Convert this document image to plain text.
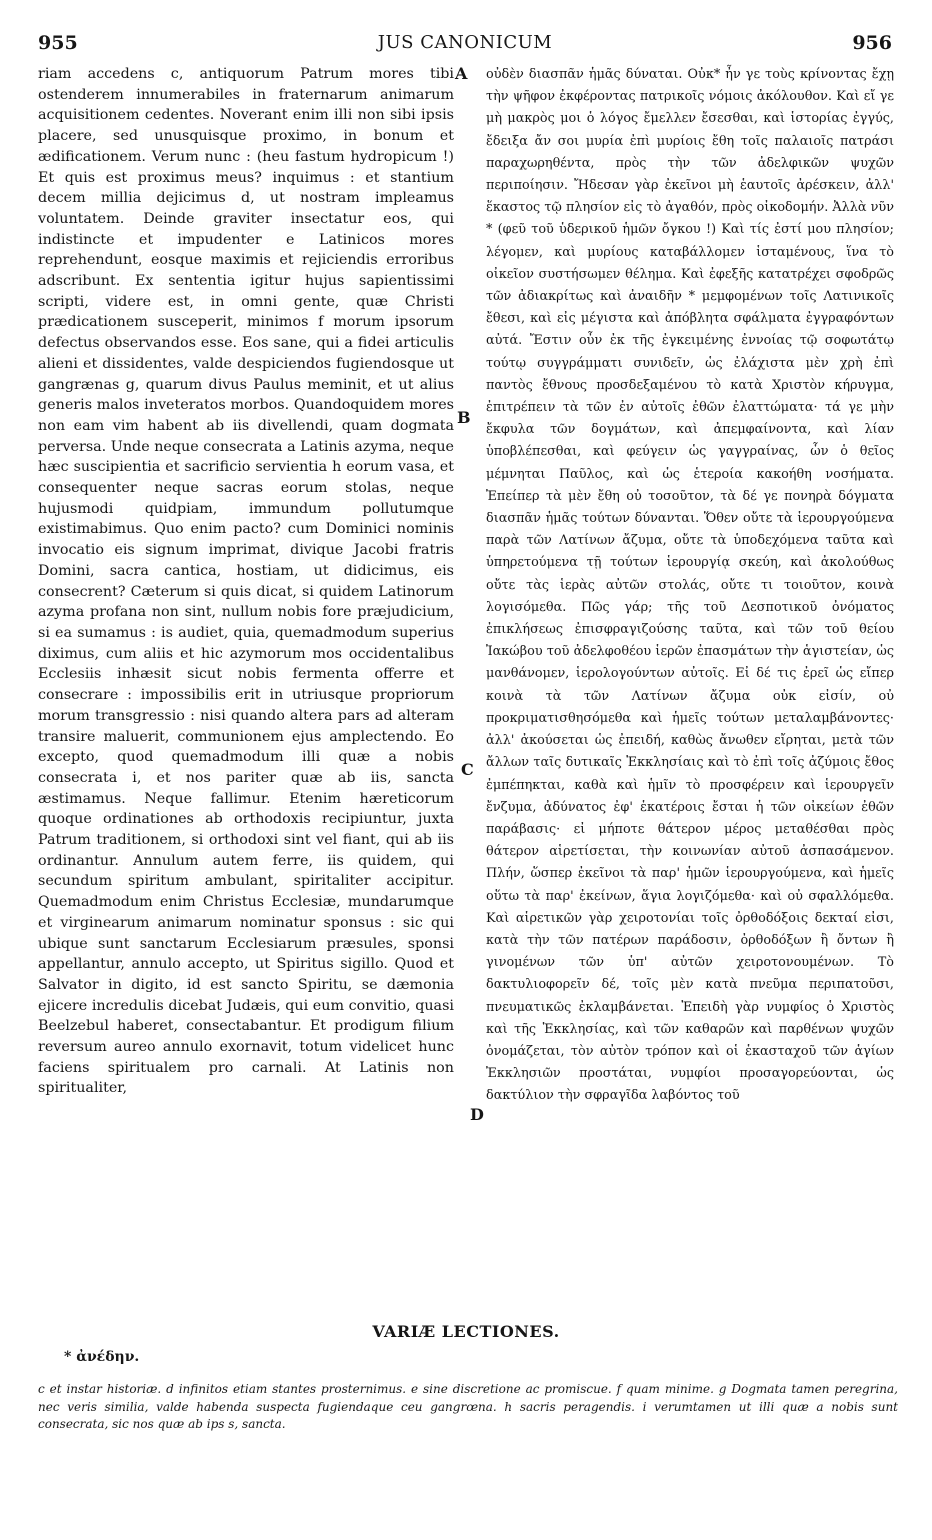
955	JUS CANONICUM	956

riam accedens c, antiquorum Patrum mores tibi ostenderem innumerabiles in fraternarum animarum acquisitionem cedentes. Noverant enim illi non sibi ipsis placere, sed unusquisque proximo, in bonum et ædificationem. Verum nunc : (heu fastum hydropicum !) Et quis est proximus meus? inquimus : et stantium decem millia dejicimus d, ut nostram impleamus voluntatem. Deinde graviter insectatur eos, qui indistincte et impudenter e Latinicos mores reprehendunt, eosque maximis et rejiciendis erroribus adscribunt. Ex sententia igitur hujus sapientissimi scripti, videre est, in omni gente, quæ Christi prædicationem susceperit, minimos f morum ipsorum defectus observandos esse. Eos sane, qui a fidei articulis alieni et dissidentes, valde despiciendos fugiendosque ut gangrænas g, quarum divus Paulus meminit, et ut alius generis malos inveteratos morbos. Quandoquidem mores non eam vim habent ab iis divellendi, quam dogmata perversa. Unde neque consecrata a Latinis azyma, neque hæc suscipientia et sacrificio servientia h eorum vasa, et consequenter neque sacras eorum stolas, neque hujusmodi quidpiam, immundum pollutumque existimabimus. Quo enim pacto? cum Dominici nominis invocatio eis signum imprimat, divique Jacobi fratris Domini, sacra cantica, hostiam, ut didicimus, eis consecrent? Cæterum si quis dicat, si quidem Latinorum azyma profana non sint, nullum nobis fore præjudicium, si ea sumamus : is audiet, quia, quemadmodum superius diximus, cum aliis et hic azymorum mos occidentalibus Ecclesiis inhæsit sicut nobis fermenta offerre et consecrare : impossibilis erit in utriusque propriorum morum transgressio : nisi quando altera pars ad alteram transire maluerit, communionem ejus amplectendo. Eo excepto, quod quemadmodum illi quæ a nobis consecrata i, et nos pariter quæ ab iis, sancta æstimamus. Neque fallimur. Etenim hæreticorum quoque ordinationes ab orthodoxis recipiuntur, juxta Patrum traditionem, si orthodoxi sint vel fiant, qui ab iis ordinantur. Annulum autem ferre, iis quidem, qui secundum spiritum ambulant, spiritaliter accipitur. Quemadmodum enim Christus Ecclesiæ, mundarumque et virginearum animarum nominatur sponsus : sic qui ubique sunt sanctarum Ecclesiarum præsules, sponsi appellantur, annulo accepto, ut Spiritus sigillo. Quod et Salvator in digito, id est sancto Spiritu, se dæmonia ejicere incredulis dicebat Judæis, qui eum convitio, quasi Beelzebul haberet, consectabantur. Et prodigum filium reversum aureo annulo exornavit, totum videlicet hunc faciens spiritualem pro carnali. At Latinis non spiritualiter,

A
B
C
D

οὐδὲν διασπᾶν ἡμᾶς δύναται. Οὐκ* ἦν γε τοὺς κρίνοντας ἔχῃ τὴν ψῆφον ἐκφέροντας πατρικοῖς νόμοις ἀκόλουθον. Καὶ εἴ γε μὴ μακρὸς μοι ὁ λόγος ἔμελλεν ἔσεσθαι, καὶ ἱστορίας ἐγγύς, ἔδειξα ἄν σοι μυρία ἐπὶ μυρίοις ἔθη τοῖς παλαιοῖς πατράσι παραχωρηθέντα, πρὸς τὴν τῶν ἀδελφικῶν ψυχῶν περιποίησιν. Ἤδεσαν γὰρ ἐκεῖνοι μὴ ἑαυτοῖς ἀρέσκειν, ἀλλ' ἕκαστος τῷ πλησίον εἰς τὸ ἀγαθόν, πρὸς οἰκοδομήν. Ἀλλὰ νῦν * (φεῦ τοῦ ὑδερικοῦ ἡμῶν ὄγκου !) Καὶ τίς ἐστί μου πλησίον; λέγομεν, καὶ μυρίους καταβάλλομεν ἱσταμένους, ἵνα τὸ οἰκεῖον συστήσωμεν θέλημα. Καὶ ἐφεξῆς κατατρέχει σφοδρῶς τῶν ἀδιακρίτως καὶ ἀναιδῆν * μεμφομένων τοῖς Λατινικοῖς ἔθεσι, καὶ εἰς μέγιστα καὶ ἀπόβλητα σφάλματα ἐγγραφόντων αὐτά. Ἔστιν οὖν ἐκ τῆς ἐγκειμένης ἐννοίας τῷ σοφωτάτῳ τούτῳ συγγράμματι συνιδεῖν, ὡς ἐλάχιστα μὲν χρὴ ἐπὶ παντὸς ἔθνους προσδεξαμένου τὸ κατὰ Χριστὸν κήρυγμα, ἐπιτρέπειν τὰ τῶν ἐν αὐτοῖς ἐθῶν ἐλαττώματα· τά γε μὴν ἔκφυλα τῶν δογμάτων, καὶ ἀπεμφαίνοντα, καὶ λίαν ὑποβλέπεσθαι, καὶ φεύγειν ὡς γαγγραίνας, ὧν ὁ θεῖος μέμνηται Παῦλος, καὶ ὡς ἑτεροία κακοήθη νοσήματα. Ἐπείπερ τὰ μὲν ἔθη οὐ τοσοῦτον, τὰ δέ γε πονηρὰ δόγματα διασπᾶν ἡμᾶς τούτων δύνανται. Ὅθεν οὔτε τὰ ἱερουργούμενα παρὰ τῶν Λατίνων ἄζυμα, οὔτε τὰ ὑποδεχόμενα ταῦτα καὶ ὑπηρετούμενα τῇ τούτων ἱερουργίᾳ σκεύη, καὶ ἀκολούθως οὔτε τὰς ἱερὰς αὐτῶν στολάς, οὔτε τι τοιοῦτον, κοινὰ λογισόμεθα. Πῶς γάρ; τῆς τοῦ Δεσποτικοῦ ὀνόματος ἐπικλήσεως ἐπισφραγιζούσης ταῦτα, καὶ τῶν τοῦ θείου Ἰακώβου τοῦ ἀδελφοθέου ἱερῶν ἐπασμάτων τὴν ἁγιστείαν, ὡς μανθάνομεν, ἱερολογούντων αὐτοῖς. Εἰ δέ τις ἐρεῖ ὡς εἴπερ κοινὰ τὰ τῶν Λατίνων ἄζυμα οὐκ εἰσίν, οὐ προκριματισθησόμεθα καὶ ἡμεῖς τούτων μεταλαμβάνοντες· ἀλλ' ἀκούσεται ὡς ἐπειδή, καθὼς ἄνωθεν εἴρηται, μετὰ τῶν ἄλλων ταῖς δυτικαῖς Ἐκκλησίαις καὶ τὸ ἐπὶ τοῖς ἀζύμοις ἔθος ἐμπέπηκται, καθὰ καὶ ἡμῖν τὸ προσφέρειν καὶ ἱερουργεῖν ἔνζυμα, ἀδύνατος ἐφ' ἑκατέροις ἔσται ἡ τῶν οἰκείων ἐθῶν παράβασις· εἰ μήποτε θάτερον μέρος μεταθέσθαι πρὸς θάτερον αἱρετίσεται, τὴν κοινωνίαν αὐτοῦ ἀσπασάμενον. Πλήν, ὥσπερ ἐκεῖνοι τὰ παρ' ἡμῶν ἱερουργούμενα, καὶ ἡμεῖς οὕτω τὰ παρ' ἐκείνων, ἅγια λογιζόμεθα· καὶ οὐ σφαλλόμεθα. Καὶ αἱρετικῶν γὰρ χειροτονίαι τοῖς ὀρθοδόξοις δεκταί εἰσι, κατὰ τὴν τῶν πατέρων παράδοσιν, ὀρθοδόξων ἢ ὄντων ἢ γινομένων τῶν ὑπ' αὐτῶν χειροτονουμένων. Τὸ δακτυλιοφορεῖν δέ, τοῖς μὲν κατὰ πνεῦμα περιπατοῦσι, πνευματικῶς ἐκλαμβάνεται. Ἐπειδὴ γὰρ νυμφίος ὁ Χριστὸς καὶ τῆς Ἐκκλησίας, καὶ τῶν καθαρῶν καὶ παρθένων ψυχῶν ὀνομάζεται, τὸν αὐτὸν τρόπον καὶ οἱ ἑκασταχοῦ τῶν ἁγίων Ἐκκλησιῶν προστάται, νυμφίοι προσαγορεύονται, ὡς δακτύλιον τὴν σφραγῖδα λαβόντος τοῦ

VARIÆ LECTIONES.
* ἀνέδην.
c et instar historiæ. d infinitos etiam stantes prosternimus. e sine discretione ac promiscue. f quam minime. g Dogmata tamen peregrina, nec veris similia, valde habenda suspecta fugiendaque ceu gangrœna. h sacris peragendis. i verumtamen ut illi quæ a nobis sunt consecrata, sic nos quæ ab ips s, sancta.
